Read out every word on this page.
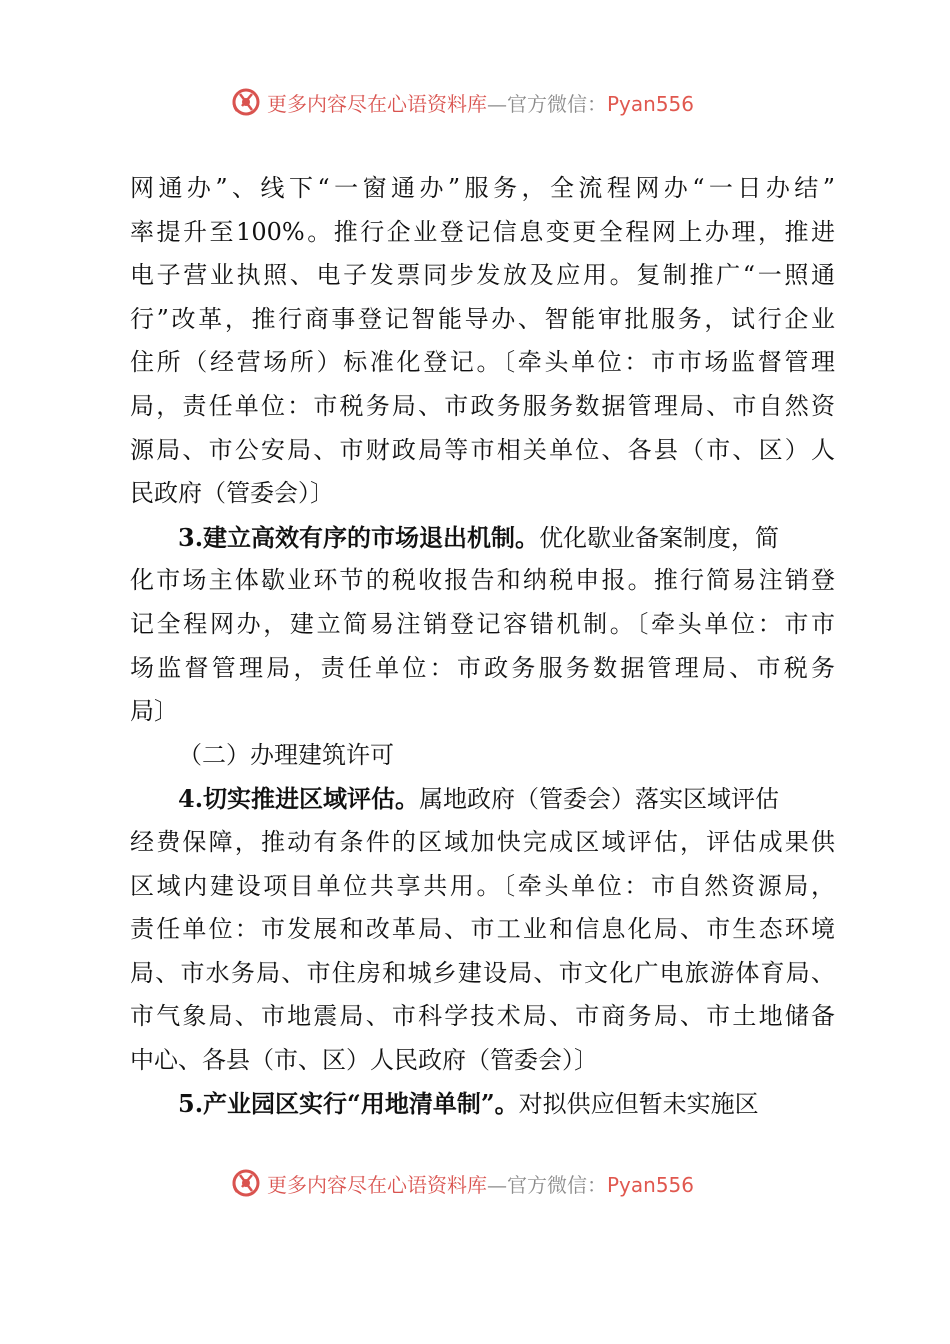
更多内容尽在心语资料库—官方微信：Pyan556
网通办”、线下“一窗通办”服务，全流程网办“一日办结”
率提升至100%。推行企业登记信息变更全程网上办理，推进
电子营业执照、电子发票同步发放及应用。复制推广“一照通
行”改革，推行商事登记智能导办、智能审批服务，试行企业
住所（经营场所）标准化登记。〔牵头单位：市市场监督管理
局，责任单位：市税务局、市政务服务数据管理局、市自然资
源局、市公安局、市财政局等市相关单位、各县（市、区）人
民政府（管委会）〕
3.建立高效有序的市场退出机制。优化歇业备案制度，简
化市场主体歇业环节的税收报告和纳税申报。推行简易注销登
记全程网办，建立简易注销登记容错机制。〔牵头单位：市市
场监督管理局，责任单位：市政务服务数据管理局、市税务
局〕
（二）办理建筑许可
4.切实推进区域评估。属地政府（管委会）落实区域评估
经费保障，推动有条件的区域加快完成区域评估，评估成果供
区域内建设项目单位共享共用。〔牵头单位：市自然资源局，
责任单位：市发展和改革局、市工业和信息化局、市生态环境
局、市水务局、市住房和城乡建设局、市文化广电旅游体育局、
市气象局、市地震局、市科学技术局、市商务局、市土地储备
中心、各县（市、区）人民政府（管委会）〕
5.产业园区实行“用地清单制”。对拟供应但暂未实施区
更多内容尽在心语资料库—官方微信：Pyan556
